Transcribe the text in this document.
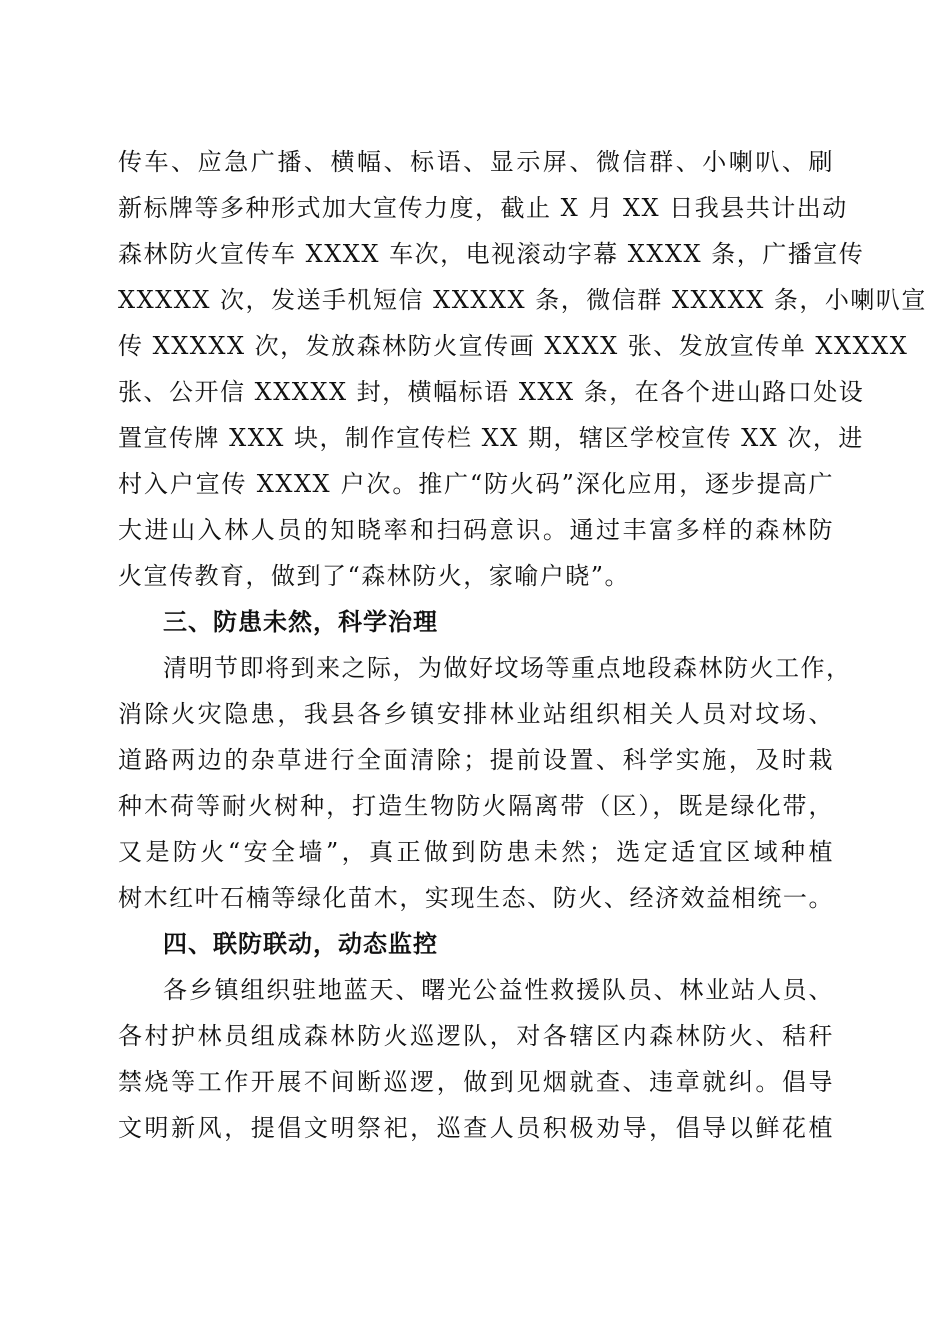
传车、应急广播、横幅、标语、显示屏、微信群、小喇叭、刷
新标牌等多种形式加大宣传力度，截止 X 月 XX 日我县共计出动
森林防火宣传车 XXXX 车次，电视滚动字幕 XXXX 条，广播宣传
XXXXX 次，发送手机短信 XXXXX 条，微信群 XXXXX 条，小喇叭宣
传 XXXXX 次，发放森林防火宣传画 XXXX 张、发放宣传单 XXXXX
张、公开信 XXXXX 封，横幅标语 XXX 条，在各个进山路口处设
置宣传牌 XXX 块，制作宣传栏 XX 期，辖区学校宣传 XX 次，进
村入户宣传 XXXX 户次。推广“防火码”深化应用，逐步提高广
大进山入林人员的知晓率和扫码意识。通过丰富多样的森林防
火宣传教育，做到了“森林防火，家喻户晓”。
三、防患未然，科学治理
清明节即将到来之际，为做好坟场等重点地段森林防火工作，
消除火灾隐患，我县各乡镇安排林业站组织相关人员对坟场、
道路两边的杂草进行全面清除；提前设置、科学实施，及时栽
种木荷等耐火树种，打造生物防火隔离带（区），既是绿化带，
又是防火“安全墙”，真正做到防患未然；选定适宜区域种植
树木红叶石楠等绿化苗木，实现生态、防火、经济效益相统一。
四、联防联动，动态监控
各乡镇组织驻地蓝天、曙光公益性救援队员、林业站人员、
各村护林员组成森林防火巡逻队，对各辖区内森林防火、秸秆
禁烧等工作开展不间断巡逻，做到见烟就查、违章就纠。倡导
文明新风，提倡文明祭祀，巡查人员积极劝导，倡导以鲜花植
